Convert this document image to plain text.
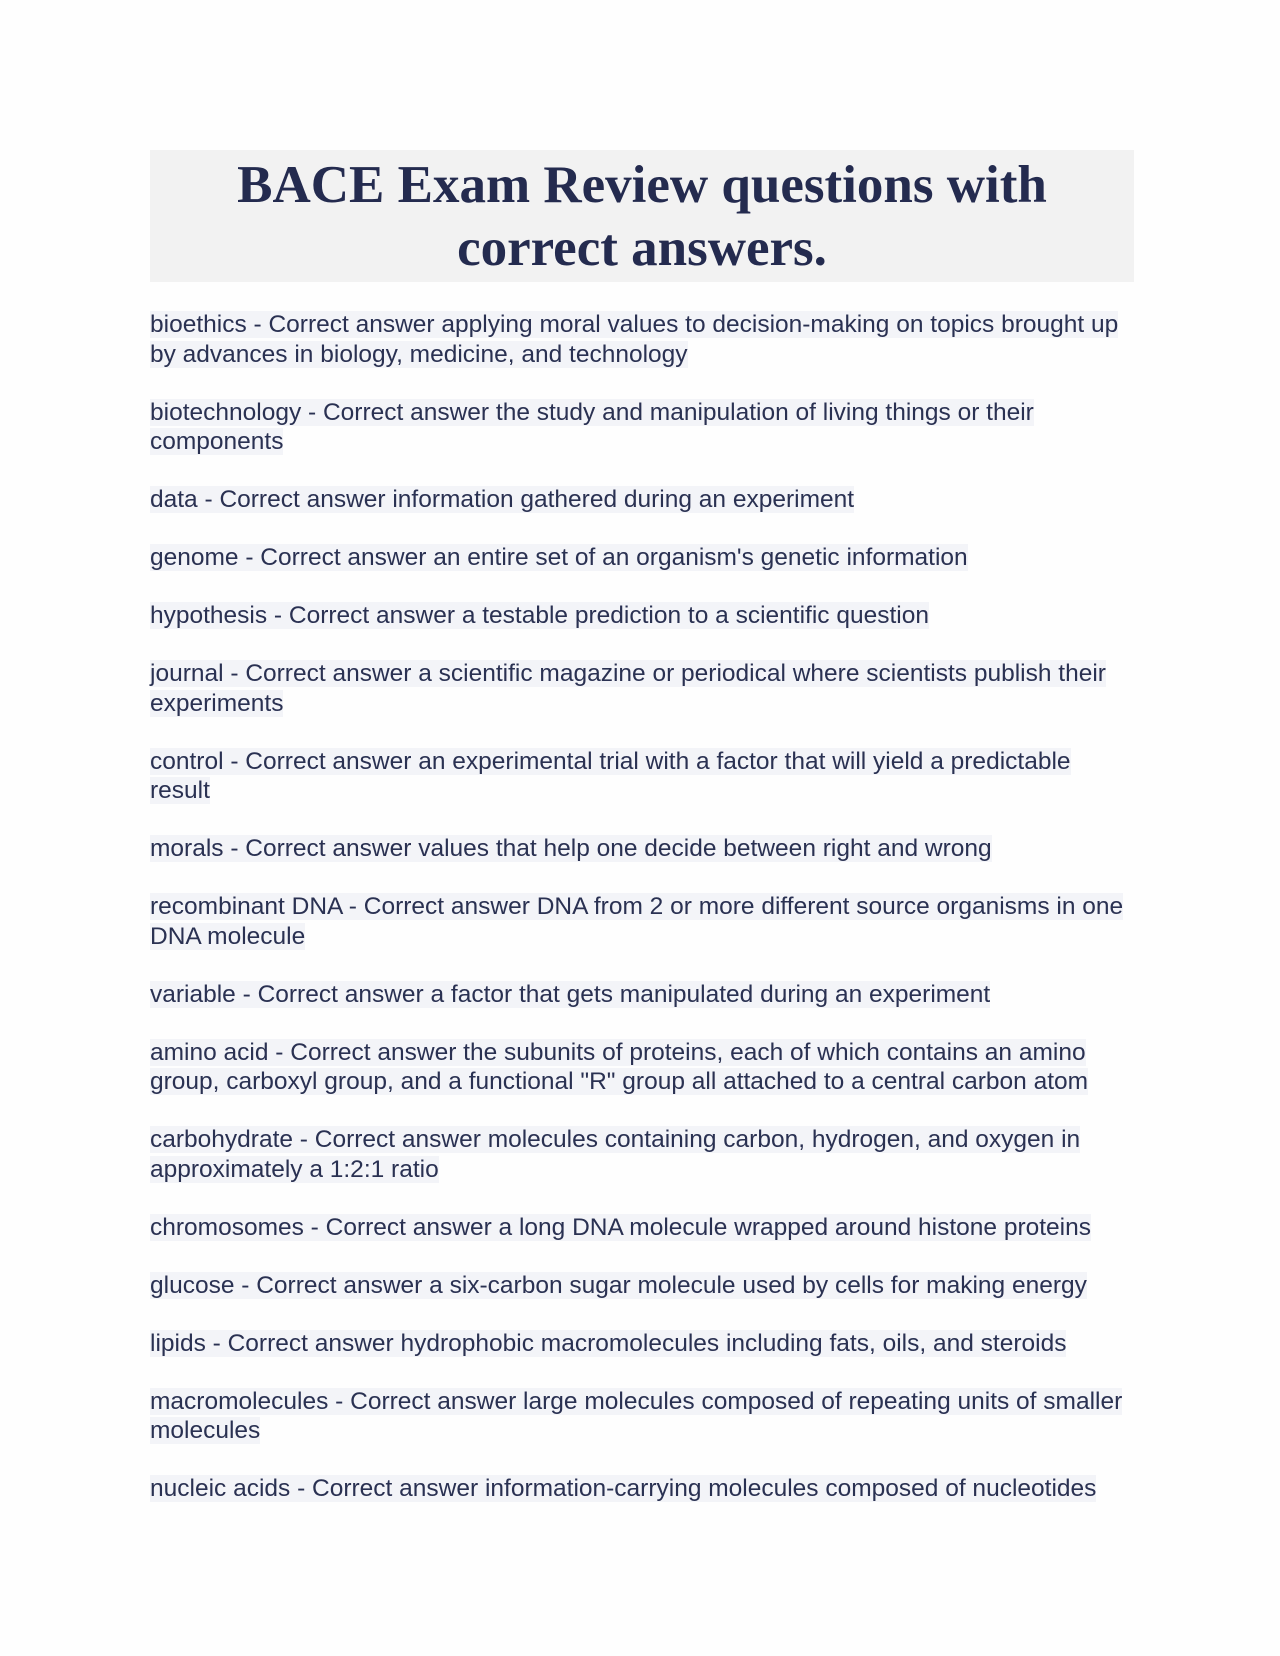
BACE Exam Review questions with correct answers.

bioethics - Correct answer applying moral values to decision-making on topics brought up by advances in biology, medicine, and technology

biotechnology - Correct answer the study and manipulation of living things or their components

data - Correct answer information gathered during an experiment

genome - Correct answer an entire set of an organism's genetic information

hypothesis - Correct answer a testable prediction to a scientific question

journal - Correct answer a scientific magazine or periodical where scientists publish their experiments

control - Correct answer an experimental trial with a factor that will yield a predictable result

morals - Correct answer values that help one decide between right and wrong

recombinant DNA - Correct answer DNA from 2 or more different source organisms in one DNA molecule

variable - Correct answer a factor that gets manipulated during an experiment

amino acid - Correct answer the subunits of proteins, each of which contains an amino group, carboxyl group, and a functional "R" group all attached to a central carbon atom

carbohydrate - Correct answer molecules containing carbon, hydrogen, and oxygen in approximately a 1:2:1 ratio

chromosomes - Correct answer a long DNA molecule wrapped around histone proteins

glucose - Correct answer a six-carbon sugar molecule used by cells for making energy

lipids - Correct answer hydrophobic macromolecules including fats, oils, and steroids

macromolecules - Correct answer large molecules composed of repeating units of smaller molecules

nucleic acids - Correct answer information-carrying molecules composed of nucleotides
